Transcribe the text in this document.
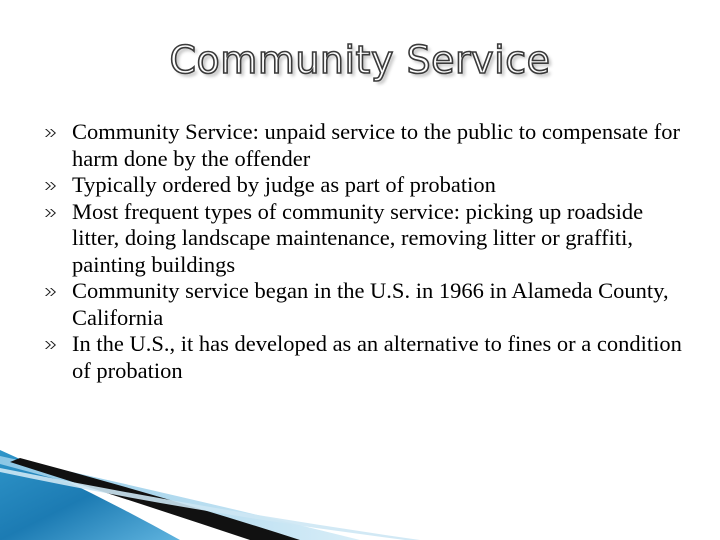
Community Service
Community Service: unpaid service to the public to compensate for harm done by the offender
Typically ordered by judge as part of probation
Most frequent types of community service: picking up roadside litter, doing landscape maintenance, removing litter or graffiti, painting buildings
Community service began in the U.S. in 1966 in Alameda County, California
In the U.S., it has developed as an alternative to fines or a condition of probation
